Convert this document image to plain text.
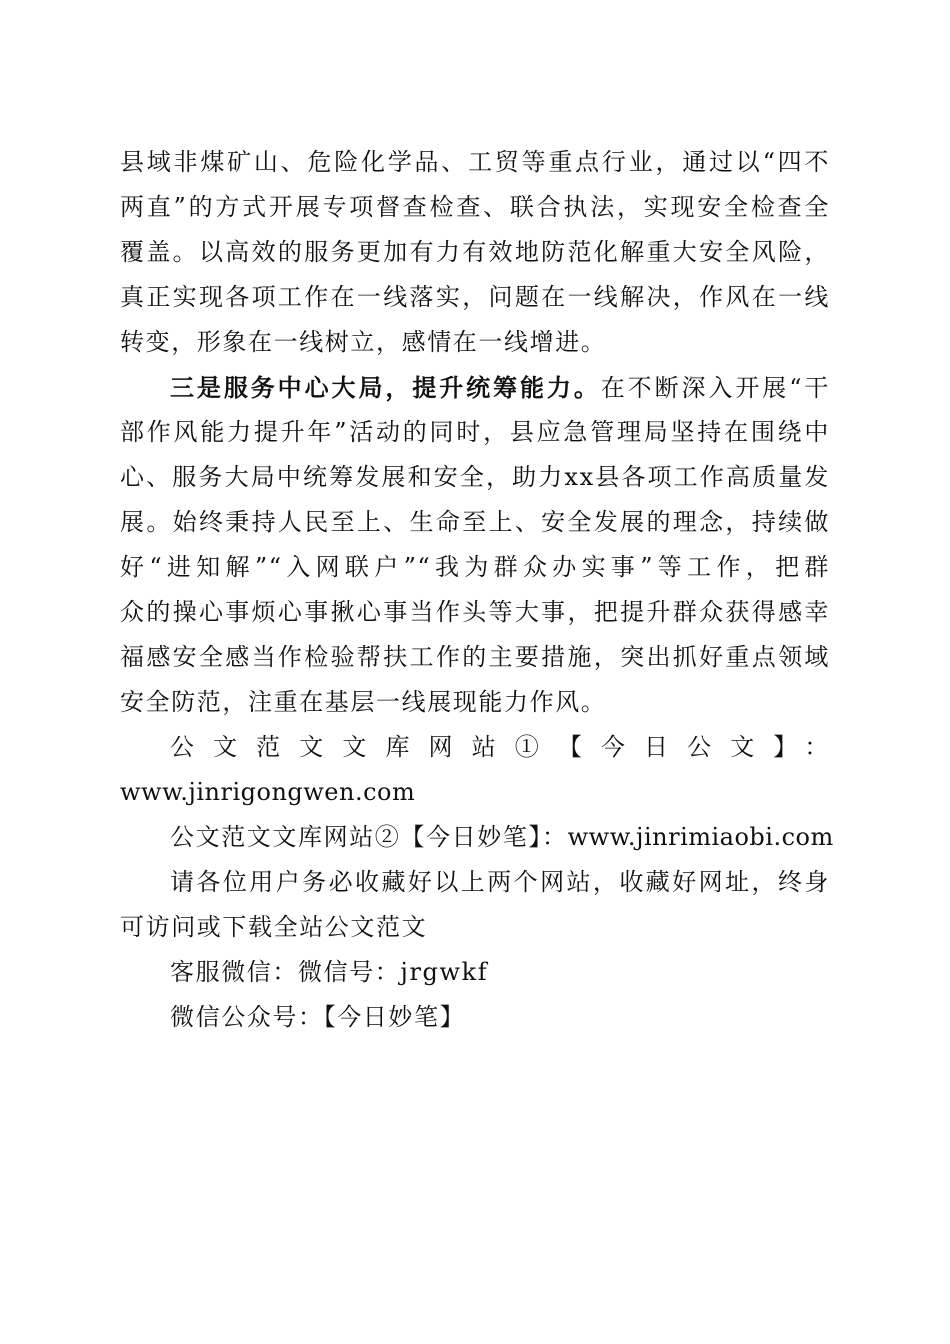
县域非煤矿山、危险化学品、工贸等重点行业，通过以“四不
两直”的方式开展专项督查检查、联合执法，实现安全检查全
覆盖。以高效的服务更加有力有效地防范化解重大安全风险，
真正实现各项工作在一线落实，问题在一线解决，作风在一线
转变，形象在一线树立，感情在一线增进。
三是服务中心大局，提升统筹能力。在不断深入开展“干
部作风能力提升年”活动的同时，县应急管理局坚持在围绕中
心、服务大局中统筹发展和安全，助力xx县各项工作高质量发
展。始终秉持人民至上、生命至上、安全发展的理念，持续做
好“进知解”“入网联户”“我为群众办实事”等工作，把群
众的操心事烦心事揪心事当作头等大事，把提升群众获得感幸
福感安全感当作检验帮扶工作的主要措施，突出抓好重点领域
安全防范，注重在基层一线展现能力作风。
公文范文文库网站①【今日公文】：
www.jinrigongwen.com
公文范文文库网站②【今日妙笔】：www.jinrimiaobi.com
请各位用户务必收藏好以上两个网站，收藏好网址，终身
可访问或下载全站公文范文
客服微信：微信号：jrgwkf
微信公众号：【今日妙笔】
